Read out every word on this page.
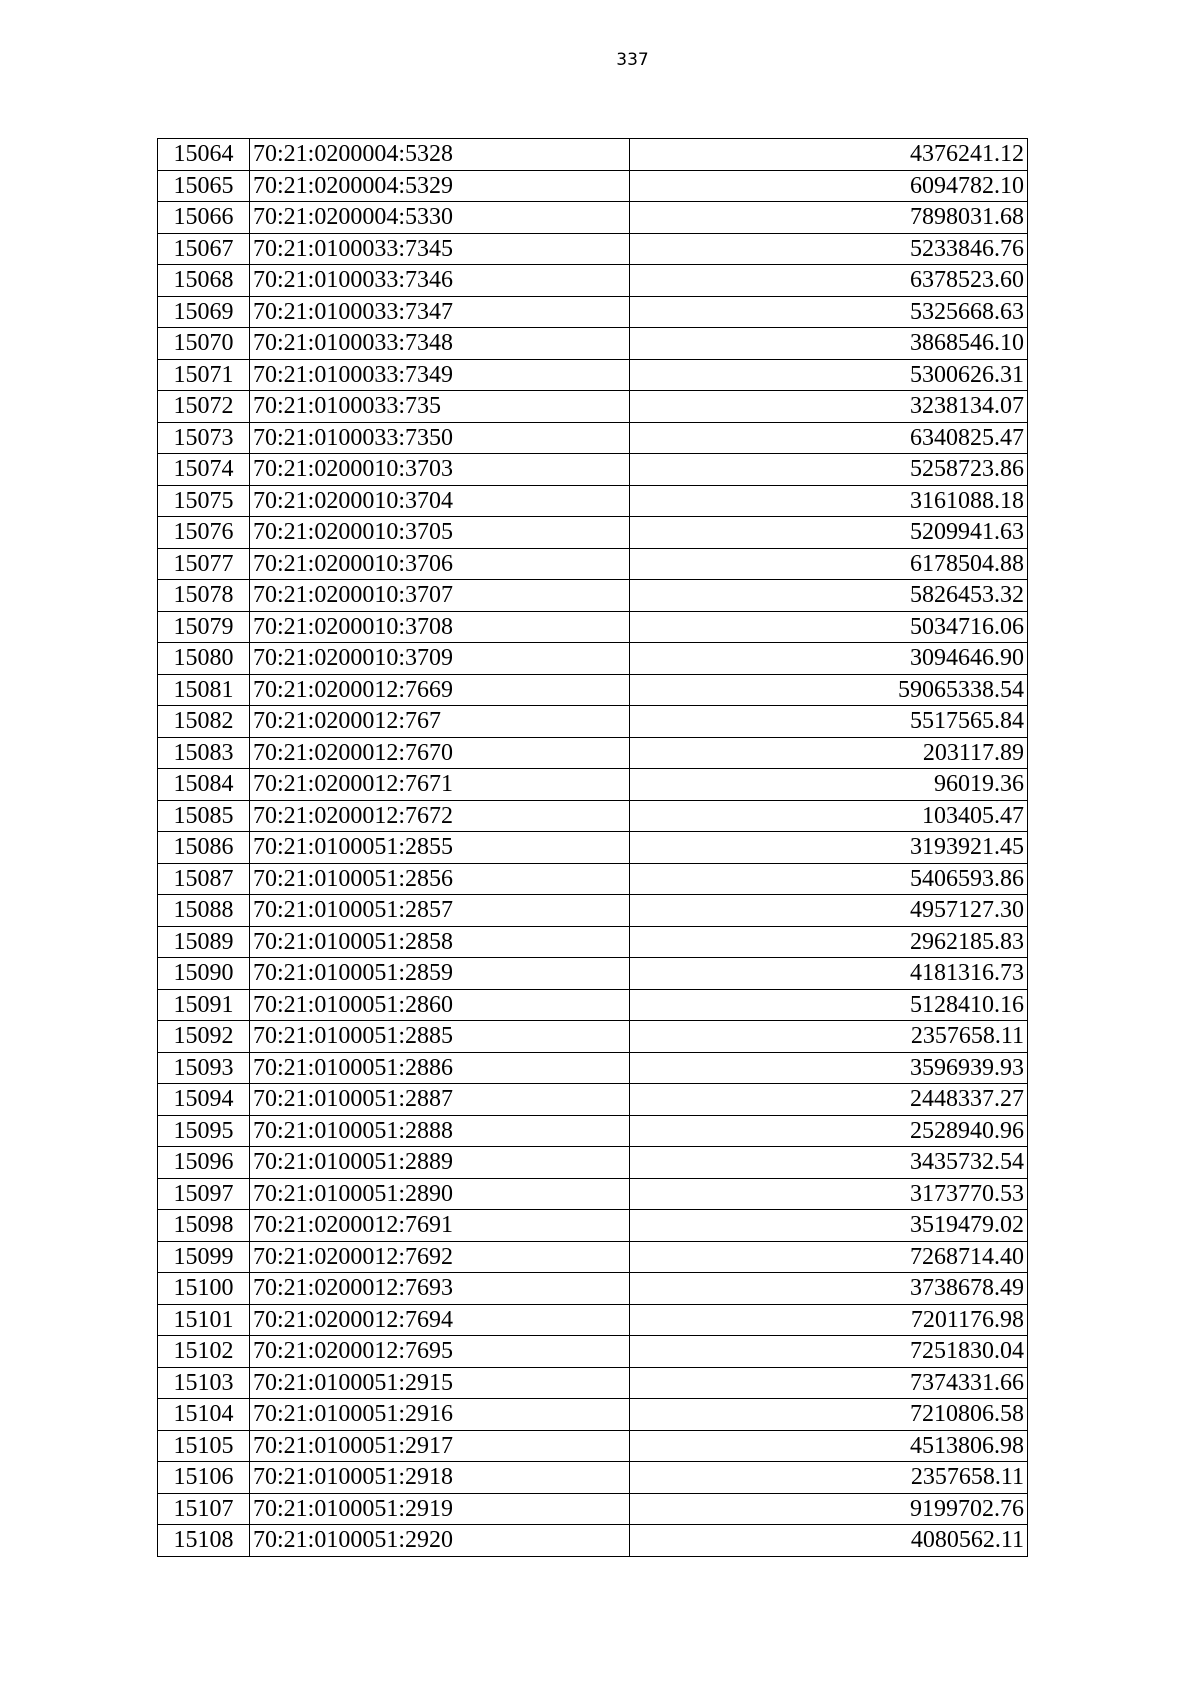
337
15064	70:21:0200004:5328	4376241.12
15065	70:21:0200004:5329	6094782.10
15066	70:21:0200004:5330	7898031.68
15067	70:21:0100033:7345	5233846.76
15068	70:21:0100033:7346	6378523.60
15069	70:21:0100033:7347	5325668.63
15070	70:21:0100033:7348	3868546.10
15071	70:21:0100033:7349	5300626.31
15072	70:21:0100033:735	3238134.07
15073	70:21:0100033:7350	6340825.47
15074	70:21:0200010:3703	5258723.86
15075	70:21:0200010:3704	3161088.18
15076	70:21:0200010:3705	5209941.63
15077	70:21:0200010:3706	6178504.88
15078	70:21:0200010:3707	5826453.32
15079	70:21:0200010:3708	5034716.06
15080	70:21:0200010:3709	3094646.90
15081	70:21:0200012:7669	59065338.54
15082	70:21:0200012:767	5517565.84
15083	70:21:0200012:7670	203117.89
15084	70:21:0200012:7671	96019.36
15085	70:21:0200012:7672	103405.47
15086	70:21:0100051:2855	3193921.45
15087	70:21:0100051:2856	5406593.86
15088	70:21:0100051:2857	4957127.30
15089	70:21:0100051:2858	2962185.83
15090	70:21:0100051:2859	4181316.73
15091	70:21:0100051:2860	5128410.16
15092	70:21:0100051:2885	2357658.11
15093	70:21:0100051:2886	3596939.93
15094	70:21:0100051:2887	2448337.27
15095	70:21:0100051:2888	2528940.96
15096	70:21:0100051:2889	3435732.54
15097	70:21:0100051:2890	3173770.53
15098	70:21:0200012:7691	3519479.02
15099	70:21:0200012:7692	7268714.40
15100	70:21:0200012:7693	3738678.49
15101	70:21:0200012:7694	7201176.98
15102	70:21:0200012:7695	7251830.04
15103	70:21:0100051:2915	7374331.66
15104	70:21:0100051:2916	7210806.58
15105	70:21:0100051:2917	4513806.98
15106	70:21:0100051:2918	2357658.11
15107	70:21:0100051:2919	9199702.76
15108	70:21:0100051:2920	4080562.11
